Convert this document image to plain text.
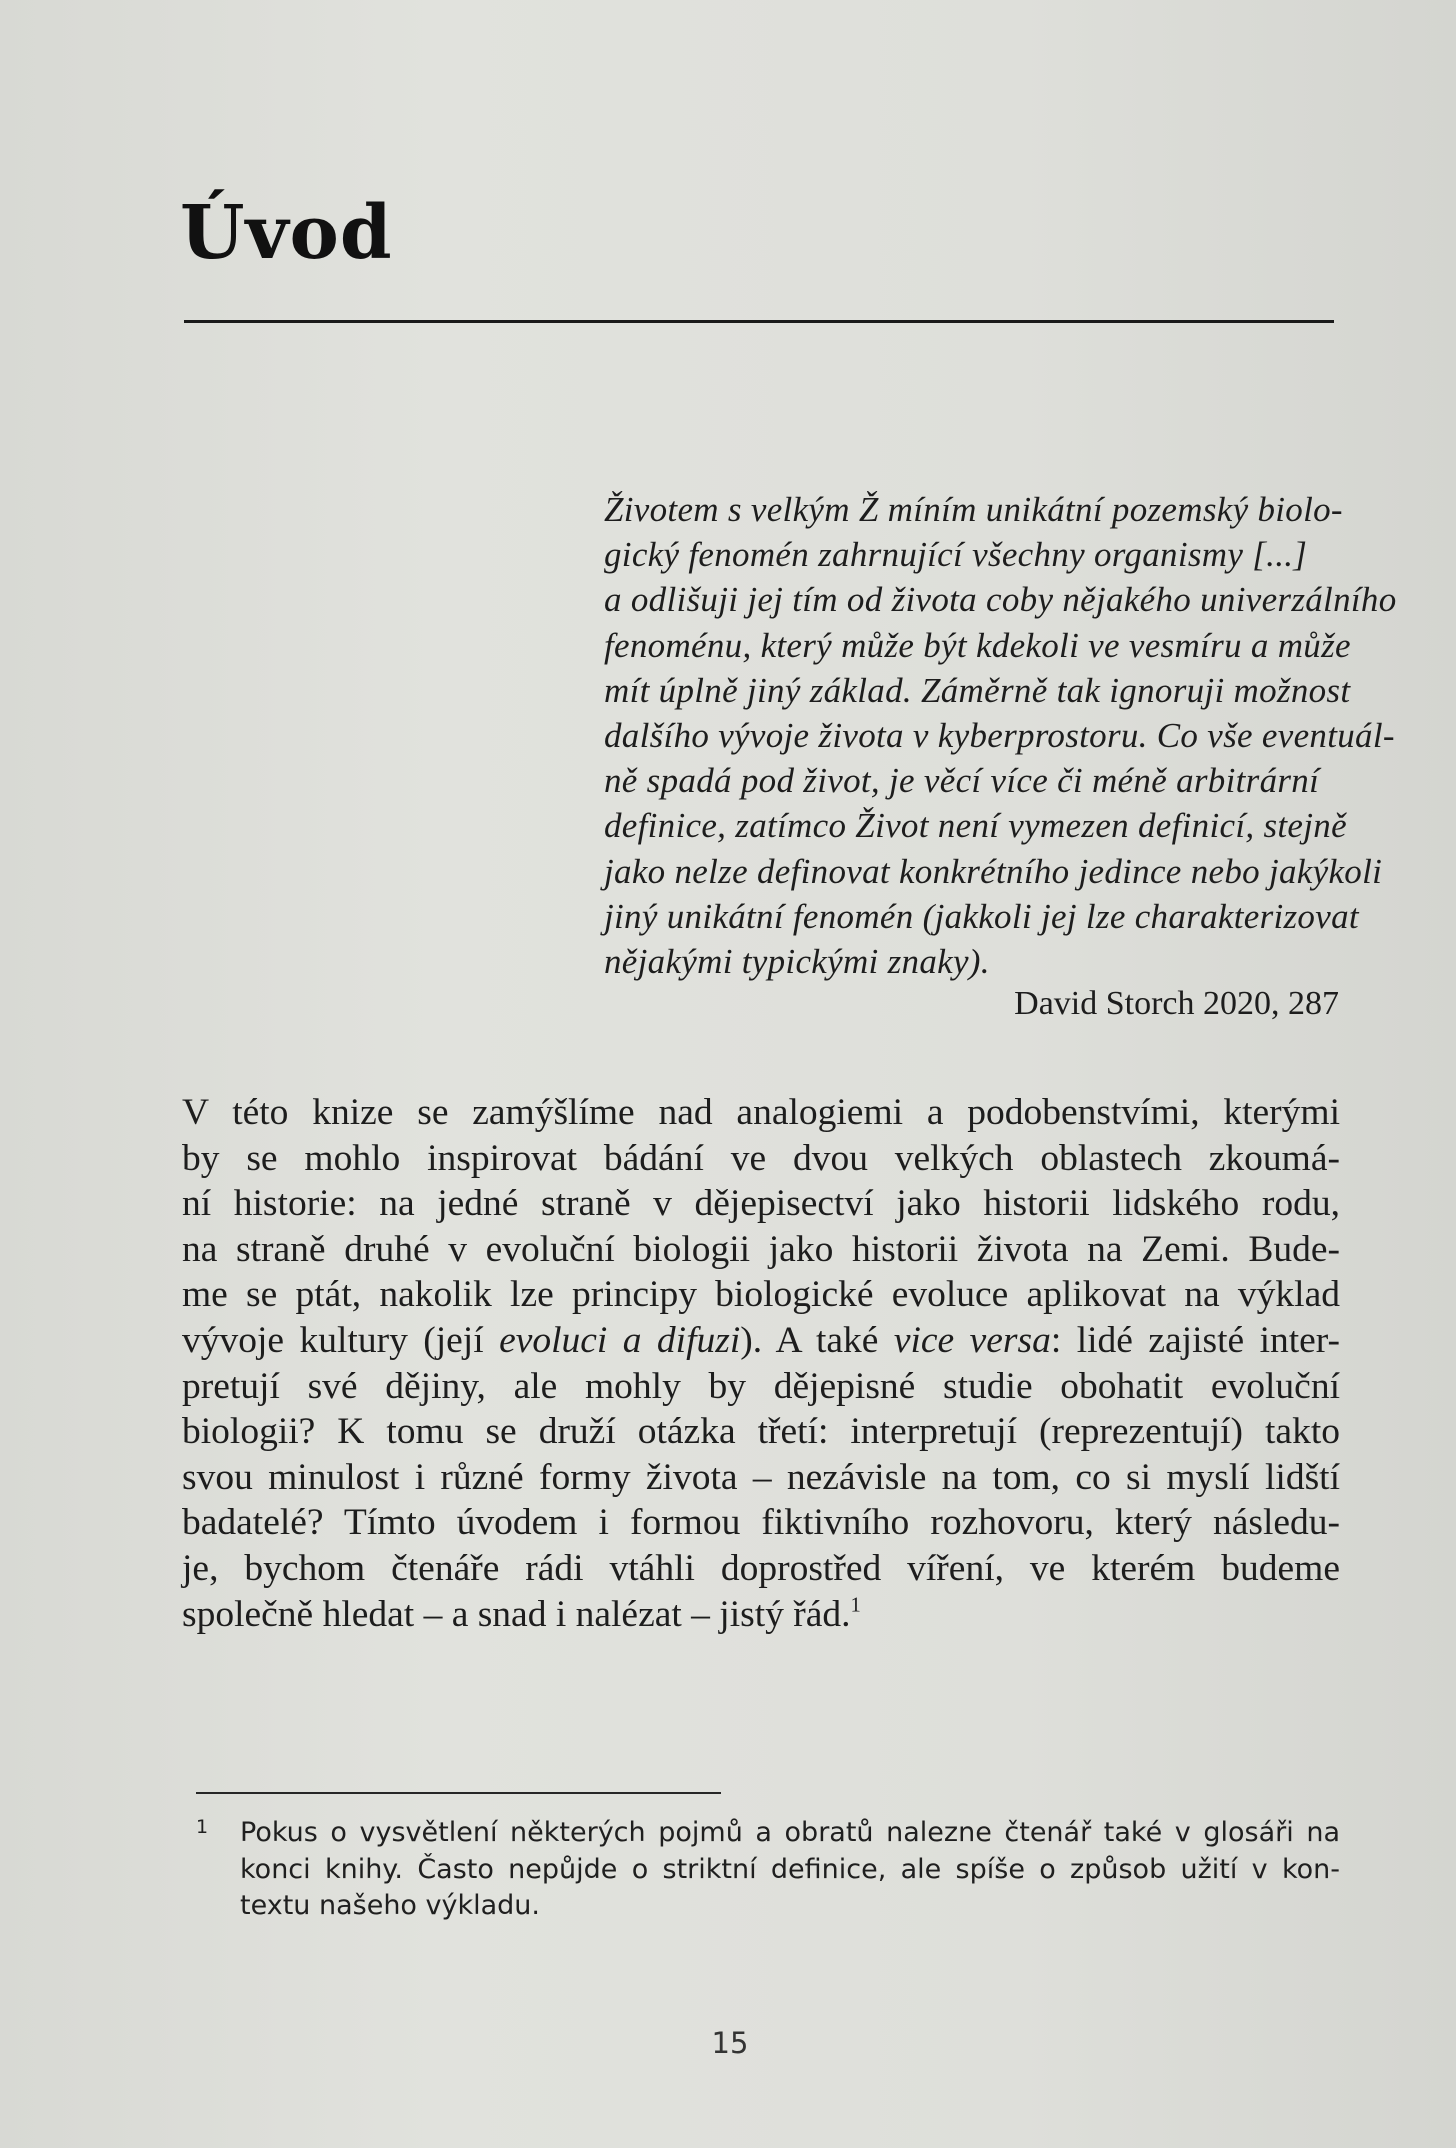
Úvod
Životem s velkým Ž míním unikátní pozemský biolo-
gický fenomén zahrnující všechny organismy [...]
a odlišuji jej tím od života coby nějakého univerzálního
fenoménu, který může být kdekoli ve vesmíru a může
mít úplně jiný základ. Záměrně tak ignoruji možnost
dalšího vývoje života v kyberprostoru. Co vše eventuál-
ně spadá pod život, je věcí více či méně arbitrární
definice, zatímco Život není vymezen definicí, stejně
jako nelze definovat konkrétního jedince nebo jakýkoli
jiný unikátní fenomén (jakkoli jej lze charakterizovat
nějakými typickými znaky).
David Storch 2020, 287
V této knize se zamýšlíme nad analogiemi a podobenstvími, kterými
by se mohlo inspirovat bádání ve dvou velkých oblastech zkoumá-
ní historie: na jedné straně v dějepisectví jako historii lidského rodu,
na straně druhé v evoluční biologii jako historii života na Zemi. Bude-
me se ptát, nakolik lze principy biologické evoluce aplikovat na výklad
vývoje kultury (její evoluci a difuzi). A také vice versa: lidé zajisté inter-
pretují své dějiny, ale mohly by dějepisné studie obohatit evoluční
biologii? K tomu se druží otázka třetí: interpretují (reprezentují) takto
svou minulost i různé formy života – nezávisle na tom, co si myslí lidští
badatelé? Tímto úvodem i formou fiktivního rozhovoru, který následu-
je, bychom čtenáře rádi vtáhli doprostřed víření, ve kterém budeme
společně hledat – a snad i nalézat – jistý řád.$^1$
1 Pokus o vysvětlení některých pojmů a obratů nalezne čtenář také v glosáři na
konci knihy. Často nepůjde o striktní definice, ale spíše o způsob užití v kon-
textu našeho výkladu.
15
